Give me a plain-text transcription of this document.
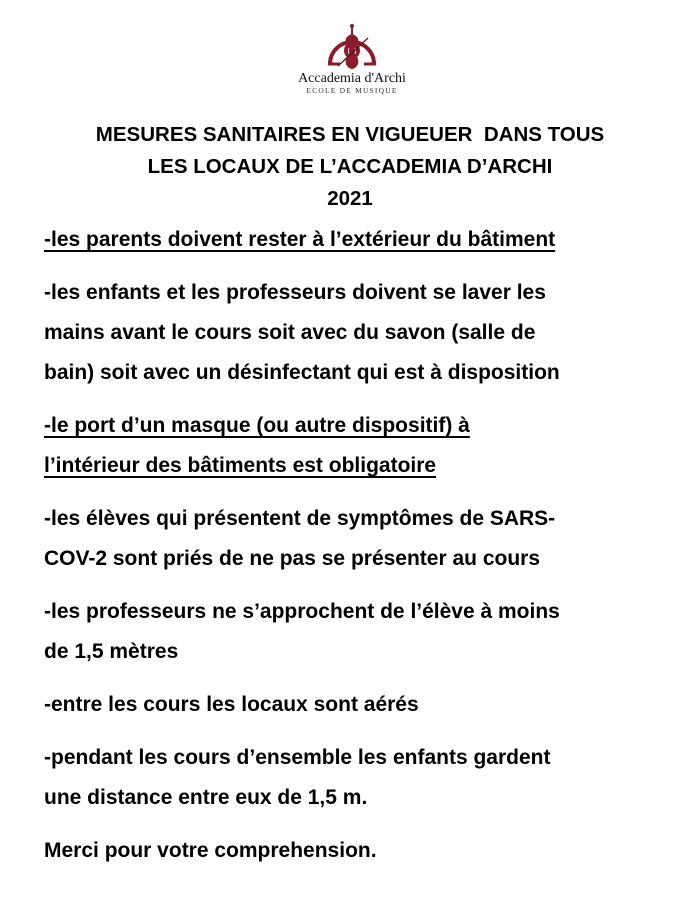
Accademia d'Archi
ECOLE DE MUSIQUE
MESURES SANITAIRES EN VIGUEUER  DANS TOUS
LES LOCAUX DE L’ACCADEMIA D’ARCHI
2021
-les parents doivent rester à l’extérieur du bâtiment
-les enfants et les professeurs doivent se laver les
mains avant le cours soit avec du savon (salle de
bain) soit avec un désinfectant qui est à disposition
-le port d’un masque (ou autre dispositif) à
l’intérieur des bâtiments est obligatoire
-les élèves qui présentent de symptômes de SARS-
COV-2 sont priés de ne pas se présenter au cours
-les professeurs ne s’approchent de l’élève à moins
de 1,5 mètres
-entre les cours les locaux sont aérés
-pendant les cours d’ensemble les enfants gardent
une distance entre eux de 1,5 m.
Merci pour votre comprehension.
